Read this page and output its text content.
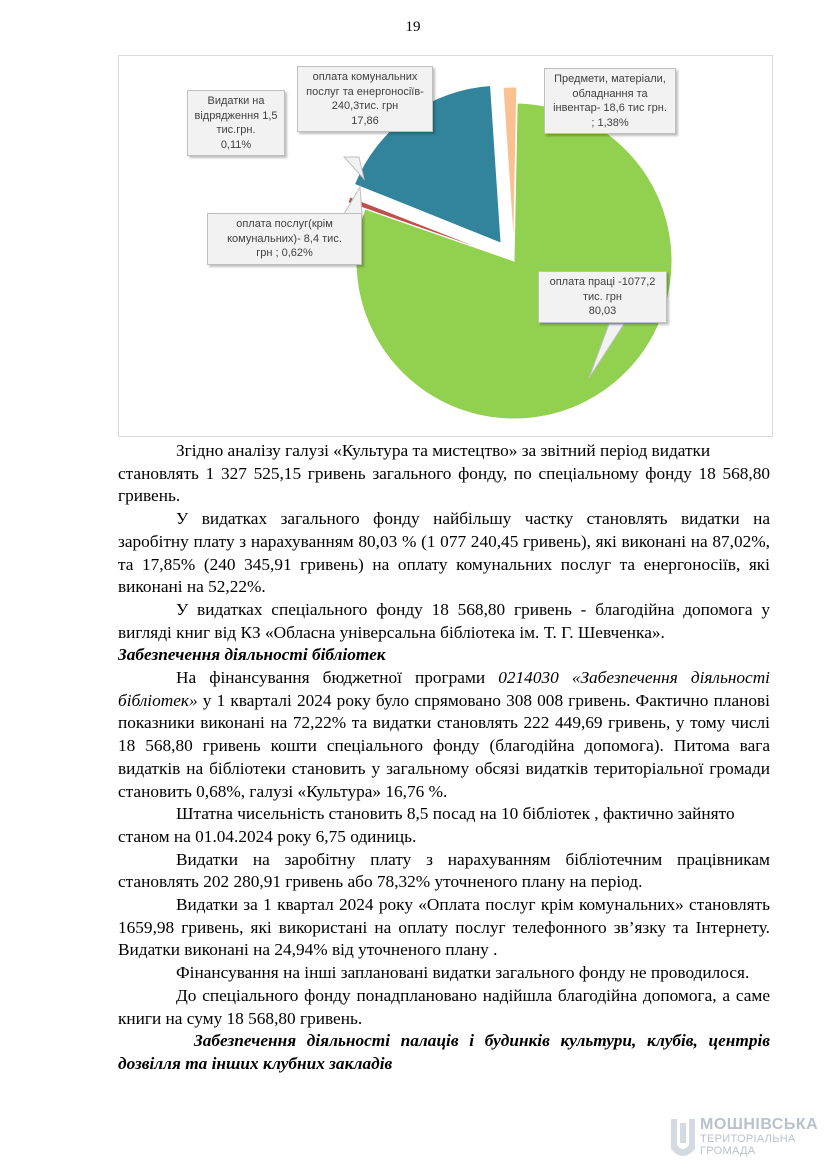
19
оплата комунальних
послуг та енергоносіїв-
240,3тис. грн
17,86
Видатки на
відрядження 1,5
тис.грн.
0,11%
Предмети, матеріали,
обладнання та
інвентар- 18,6 тис грн.
; 1,38%
оплата послуг(крім
комунальних)- 8,4 тис.
грн ; 0,62%
оплата праці -1077,2
тис. грн
80,03

Згідно аналізу галузі «Культура та мистецтво» за звітний період видатки

становлять 1 327 525,15 гривень загального фонду, по спеціальному фонду 18 568,80 гривень.

У видатках загального фонду найбільшу частку становлять видатки на заробітну плату з нарахуванням 80,03 % (1 077 240,45 гривень), які виконані на 87,02%, та 17,85% (240 345,91 гривень) на оплату комунальних послуг та енергоносіїв, які виконані на 52,22%.

У видатках спеціального фонду 18 568,80 гривень - благодійна допомога у вигляді книг від КЗ «Обласна універсальна бібліотека ім. Т. Г. Шевченка».

Забезпечення діяльності бібліотек

На фінансування бюджетної програми 0214030 «Забезпечення діяльності бібліотек» у 1 кварталі 2024 року було спрямовано 308 008 гривень. Фактично планові показники виконані на 72,22% та видатки становлять 222 449,69 гривень, у тому числі 18 568,80 гривень кошти спеціального фонду (благодійна допомога). Питома вага видатків на бібліотеки становить у загальному обсязі видатків територіальної громади становить 0,68%, галузі «Культура» 16,76 %.

Штатна чисельність становить 8,5 посад на 10 бібліотек , фактично зайнято станом на 01.04.2024 року 6,75 одиниць.

Видатки на заробітну плату з нарахуванням бібліотечним працівникам становлять 202 280,91 гривень або 78,32% уточненого плану на період.

Видатки за 1 квартал 2024 року «Оплата послуг крім комунальних» становлять 1659,98 гривень, які використані на оплату послуг телефонного зв’язку та Інтернету. Видатки виконані на 24,94% від уточненого плану .

Фінансування на інші заплановані видатки загального фонду не проводилося.

До спеціального фонду понадплановано надійшла благодійна допомога, а саме книги на суму 18 568,80 гривень.

Забезпечення діяльності палаців і будинків культури, клубів, центрів дозвілля та інших клубних закладів

МОШНІВСЬКА
ТЕРИТОРІАЛЬНА
ГРОМАДА
